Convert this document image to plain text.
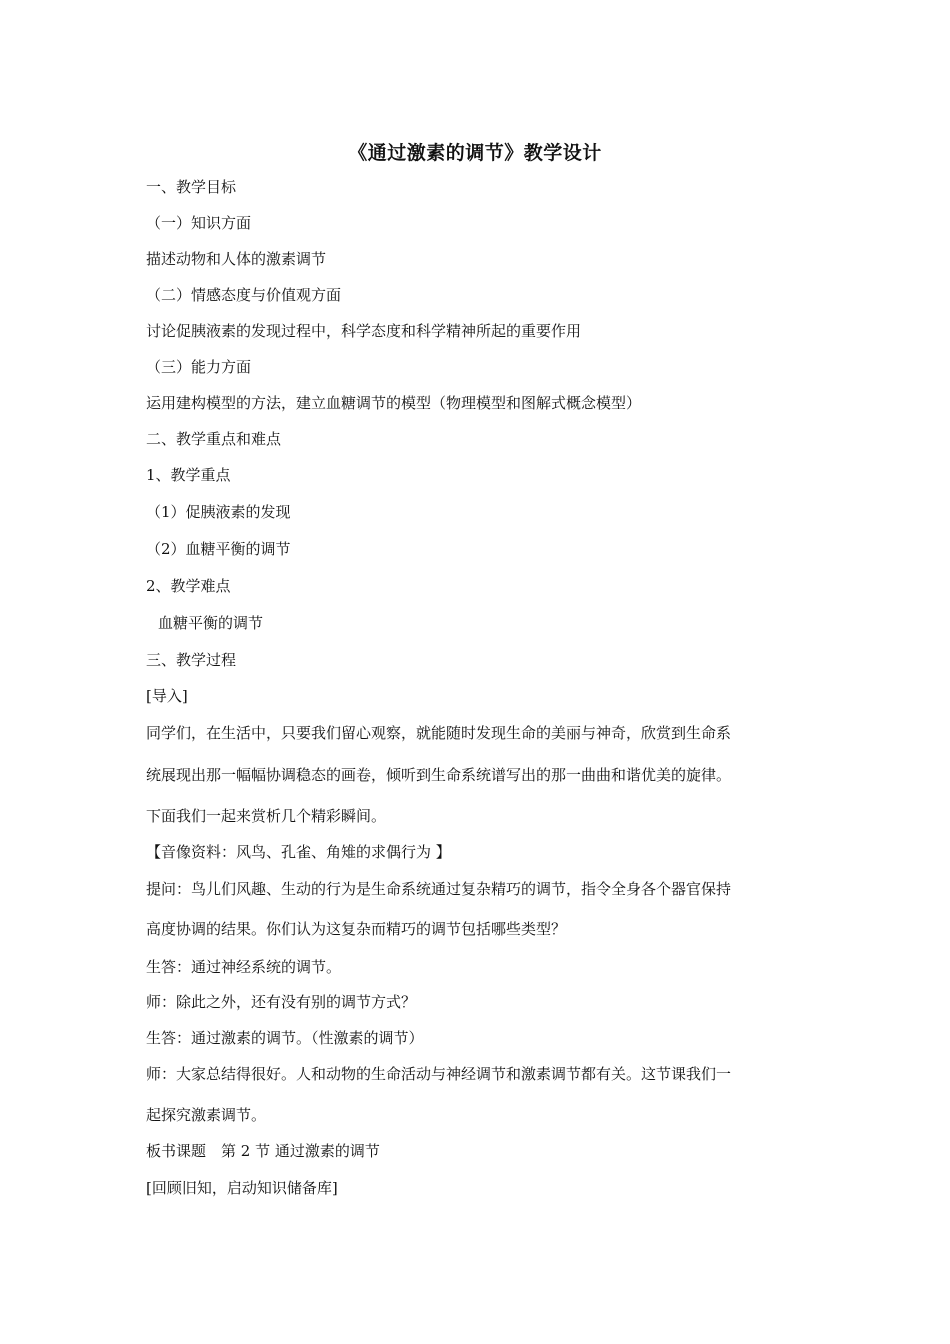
《通过激素的调节》教学设计
一、教学目标
（一）知识方面
描述动物和人体的激素调节
（二）情感态度与价值观方面
讨论促胰液素的发现过程中，科学态度和科学精神所起的重要作用
（三）能力方面
运用建构模型的方法，建立血糖调节的模型（物理模型和图解式概念模型）
二、教学重点和难点
1、教学重点
（1）促胰液素的发现
（2）血糖平衡的调节
2、教学难点
血糖平衡的调节
三、教学过程
[导入]
同学们，在生活中，只要我们留心观察，就能随时发现生命的美丽与神奇，欣赏到生命系
统展现出那一幅幅协调稳态的画卷，倾听到生命系统谱写出的那一曲曲和谐优美的旋律。
下面我们一起来赏析几个精彩瞬间。
【音像资料：风鸟、孔雀、角雉的求偶行为 】
提问：鸟儿们风趣、生动的行为是生命系统通过复杂精巧的调节，指令全身各个器官保持
高度协调的结果。你们认为这复杂而精巧的调节包括哪些类型？
生答：通过神经系统的调节。
师：除此之外，还有没有别的调节方式？
生答：通过激素的调节。（性激素的调节）
师：大家总结得很好。人和动物的生命活动与神经调节和激素调节都有关。这节课我们一
起探究激素调节。
板书课题　第 2 节 通过激素的调节
[回顾旧知，启动知识储备库]
